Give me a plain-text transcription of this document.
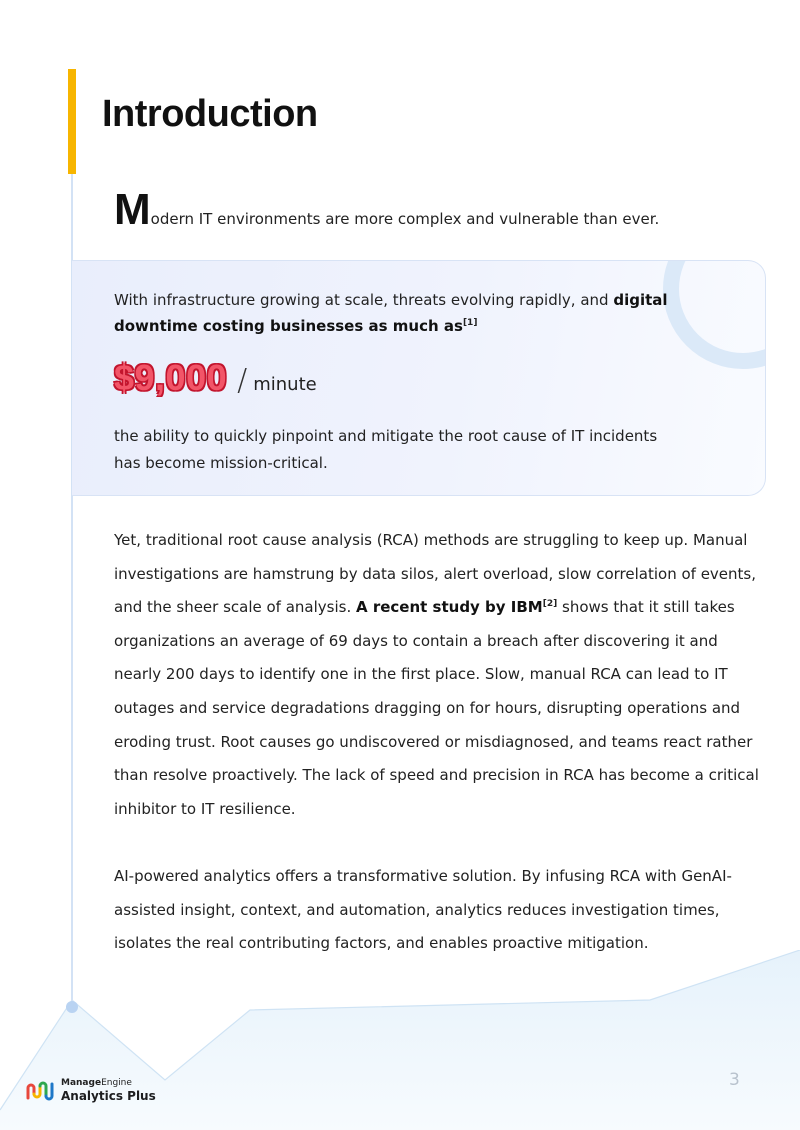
Introduction
Modern IT environments are more complex and vulnerable than ever.
With infrastructure growing at scale, threats evolving rapidly, and digital downtime costing businesses as much as[1]
$9,000 / minute
the ability to quickly pinpoint and mitigate the root cause of IT incidents has become mission-critical.

Yet, traditional root cause analysis (RCA) methods are struggling to keep up. Manual investigations are hamstrung by data silos, alert overload, slow correlation of events, and the sheer scale of analysis. A recent study by IBM[2] shows that it still takes organizations an average of 69 days to contain a breach after discovering it and nearly 200 days to identify one in the first place. Slow, manual RCA can lead to IT outages and service degradations dragging on for hours, disrupting operations and eroding trust. Root causes go undiscovered or misdiagnosed, and teams react rather than resolve proactively. The lack of speed and precision in RCA has become a critical inhibitor to IT resilience.

AI-powered analytics offers a transformative solution. By infusing RCA with GenAI-assisted insight, context, and automation, analytics reduces investigation times, isolates the real contributing factors, and enables proactive mitigation.

ManageEngine
Analytics Plus
3
